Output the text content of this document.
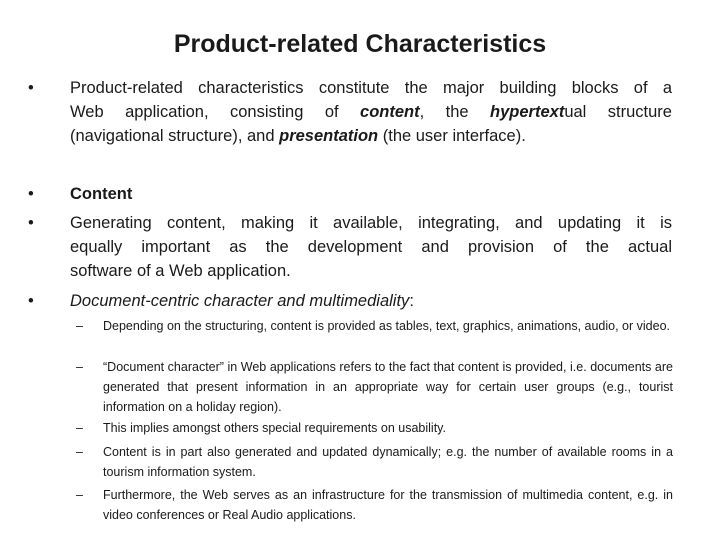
Product-related Characteristics
• Product-related characteristics constitute the major building blocks of a
Web application, consisting of content, the hypertextual structure
(navigational structure), and presentation (the user interface).
• Content
• Generating content, making it available, integrating, and updating it is
equally important as the development and provision of the actual
software of a Web application.
• Document-centric character and multimediality:
– Depending on the structuring, content is provided as tables, text, graphics, animations, audio, or video.
– “Document character” in Web applications refers to the fact that content is provided, i.e. documents are generated that present information in an appropriate way for certain user groups (e.g., tourist information on a holiday region).
– This implies amongst others special requirements on usability.
– Content is in part also generated and updated dynamically; e.g. the number of available rooms in a tourism information system.
– Furthermore, the Web serves as an infrastructure for the transmission of multimedia content, e.g. in video conferences or Real Audio applications.
